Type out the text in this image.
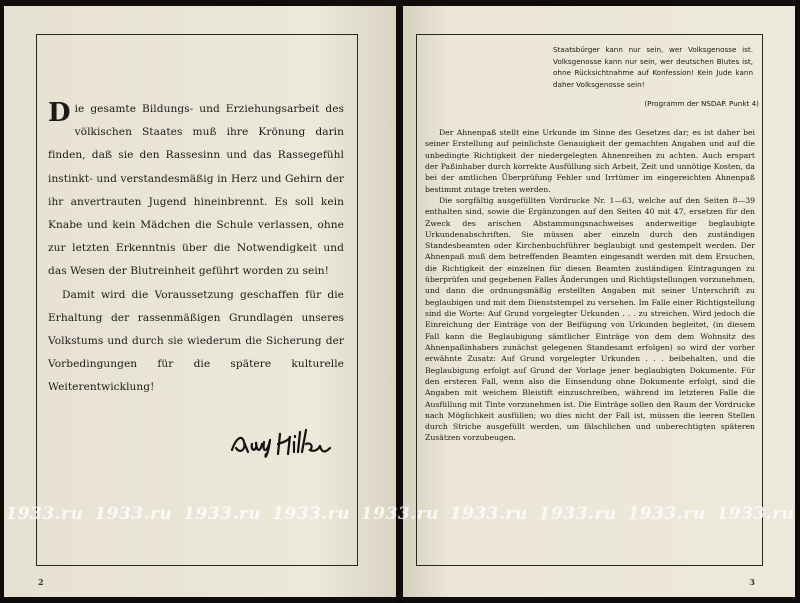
Die gesamte Bildungs- und Erziehungsarbeit des völkischen Staates muß ihre Krönung darin finden, daß sie den Rassesinn und das Rassegefühl instinkt- und verstandesmäßig in Herz und Gehirn der ihr anvertrauten Jugend hineinbrennt. Es soll kein Knabe und kein Mädchen die Schule verlassen, ohne zur letzten Erkenntnis über die Notwendigkeit und das Wesen der Blutreinheit geführt worden zu sein!

Damit wird die Voraussetzung geschaffen für die Erhaltung der rassenmäßigen Grundlagen unseres Volkstums und durch sie wiederum die Sicherung der Vorbedingungen für die spätere kulturelle Weiterentwicklung!

2
Staatsbürger kann nur sein, wer Volksgenosse ist. Volksgenosse kann nur sein, wer deutschen Blutes ist, ohne Rücksichtnahme auf Konfession! Kein Jude kann daher Volksgenosse sein!
(Programm der NSDAP. Punkt 4)

Der Ahnenpaß stellt eine Urkunde im Sinne des Gesetzes dar; es ist daher bei seiner Erstellung auf peinlichste Genauigkeit der gemachten Angaben und auf die unbedingte Richtigkeit der niedergelegten Ahnenreihen zu achten. Auch erspart der Paßinhaber durch korrekte Ausfüllung sich Arbeit, Zeit und unnötige Kosten, da bei der amtlichen Überprüfung Fehler und Irrtümer im eingereichten Ahnenpaß bestimmt zutage treten werden.

Die sorgfältig ausgefüllten Vordrucke Nr. 1—63, welche auf den Seiten 8—39 enthalten sind, sowie die Ergänzungen auf den Seiten 40 mit 47, ersetzen für den Zweck des arischen Abstammungsnachweises anderweitige beglaubigte Urkundenabschriften. Sie müssen aber einzeln durch den zuständigen Standesbeamten oder Kirchenbuchführer beglaubigt und gestempelt werden. Der Ahnenpaß muß dem betreffenden Beamten eingesandt werden mit dem Ersuchen, die Richtigkeit der einzelnen für diesen Beamten zuständigen Eintragungen zu überprüfen und gegebenen Falles Änderungen und Richtigstellungen vorzunehmen, und dann die ordnungsmäßig erstellten Angaben mit seiner Unterschrift zu beglaubigen und mit dem Dienststempel zu versehen. Im Falle einer Richtigstellung sind die Worte: Auf Grund vorgelegter Urkunden . . . zu streichen. Wird jedoch die Einreichung der Einträge von der Beifügung von Urkunden begleitet, (in diesem Fall kann die Beglaubigung sämtlicher Einträge von dem dem Wohnsitz des Ahnenpaßinhabers zunächst gelegenen Standesamt erfolgen) so wird der vorher erwähnte Zusatz: Auf Grund vorgelegter Urkunden . . . beibehalten, und die Beglaubigung erfolgt auf Grund der Vorlage jener beglaubigten Dokumente. Für den ersteren Fall, wenn also die Einsendung ohne Dokumente erfolgt, sind die Angaben mit weichem Bleistift einzuschreiben, während im letzteren Falle die Ausfüllung mit Tinte vorzunehmen ist. Die Einträge sollen den Raum der Vordrucke nach Möglichkeit ausfüllen; wo dies nicht der Fall ist, müssen die leeren Stellen durch Striche ausgefüllt werden, um fälschlichen und unberechtigten späteren Zusätzen vorzubeugen.

3
1933.ru 1933.ru 1933.ru 1933.ru 1933.ru 1933.ru 1933.ru 1933.ru 1933.ru
